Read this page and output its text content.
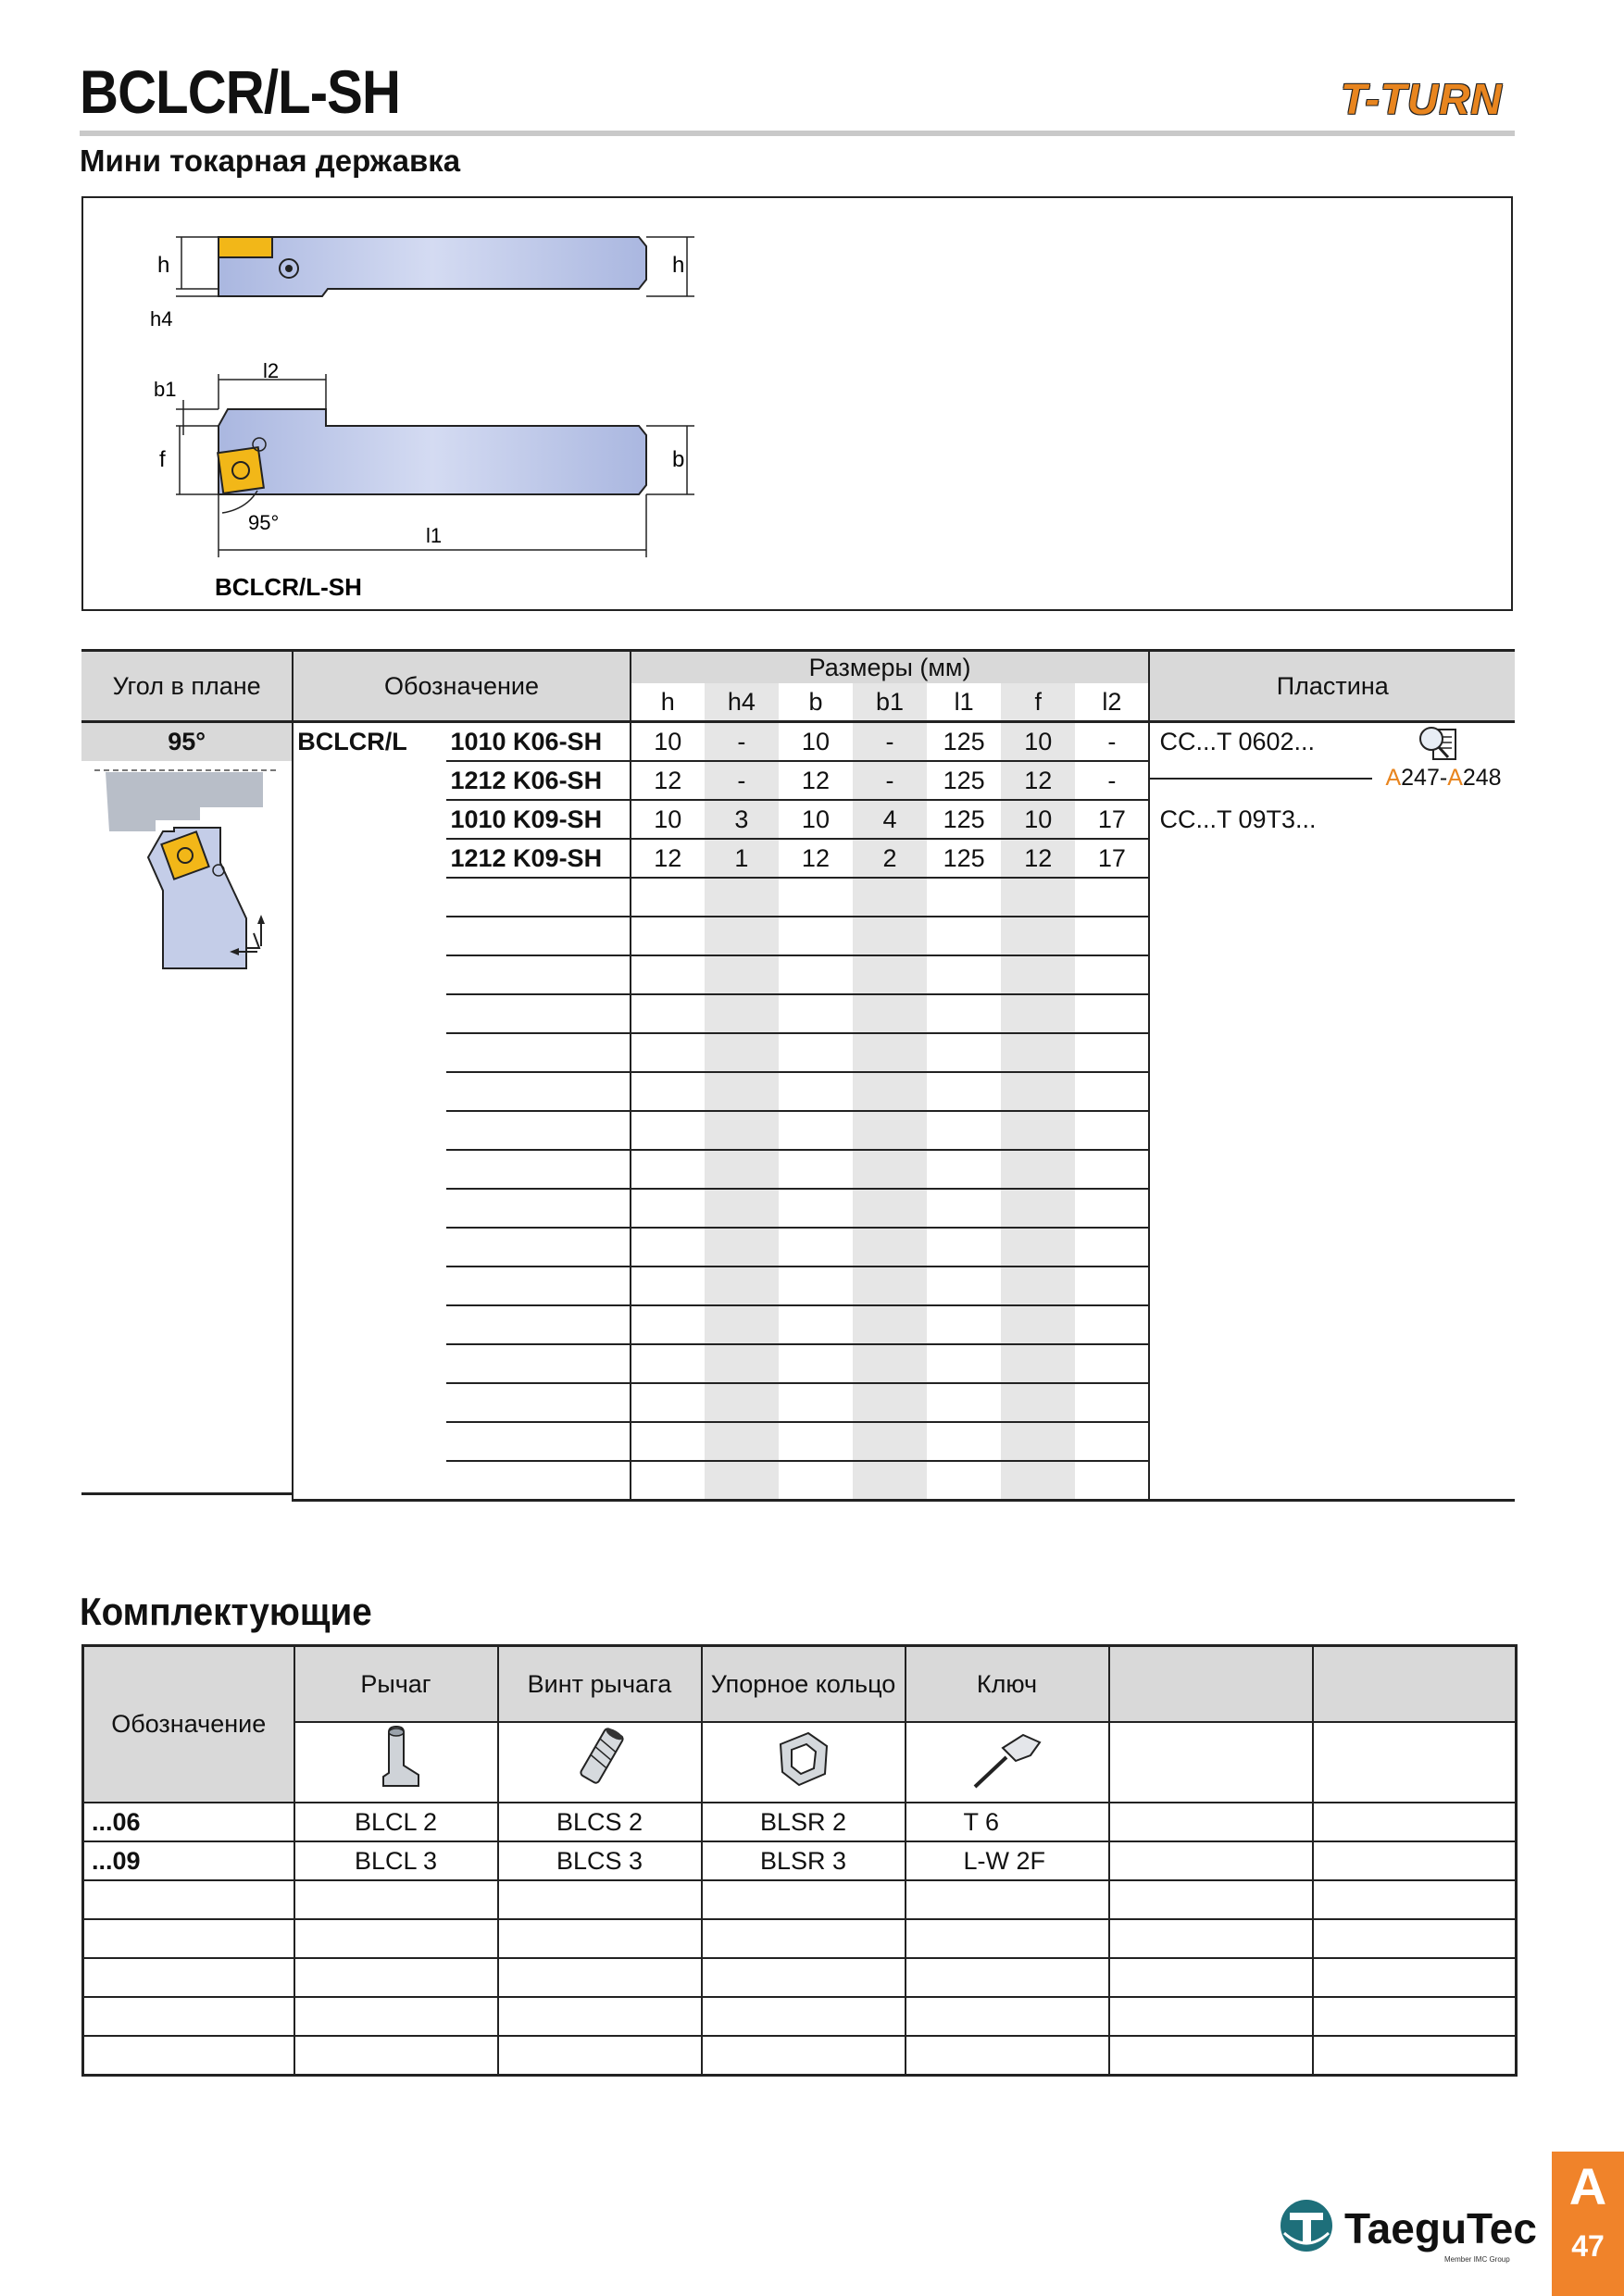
BCLCR/L-SH	T-TURN
Мини токарная державка
h
h4
h
l2
b1
f	b
l1
95°
BCLCR/L-SH
Угол в плане	Обозначение		Размеры (мм)							Пластина
			h	h4	b	b1	l1	f	l2	
95°	BCLCR/L	1010 K06-SH	10	-	10	-	125	10	-	CC...T 0602...
		1212 K06-SH	12	-	12	-	125	12	-	A247-A248

		1010 K09-SH	10	3	10	4	125	10	17	CC...T 09T3...
		1212 K09-SH	12	1	12	2	125	12	17	

Комплектующие
Обозначение	Рычаг	Винт рычага	Упорное кольцо	Ключ		

...06	BLCL 2	BLCS 2	BLSR 2	T 6		
...09	BLCL 3	BLCS 3	BLSR 3	L-W 2F		

TaeguTec
Member IMC Group
A
47
